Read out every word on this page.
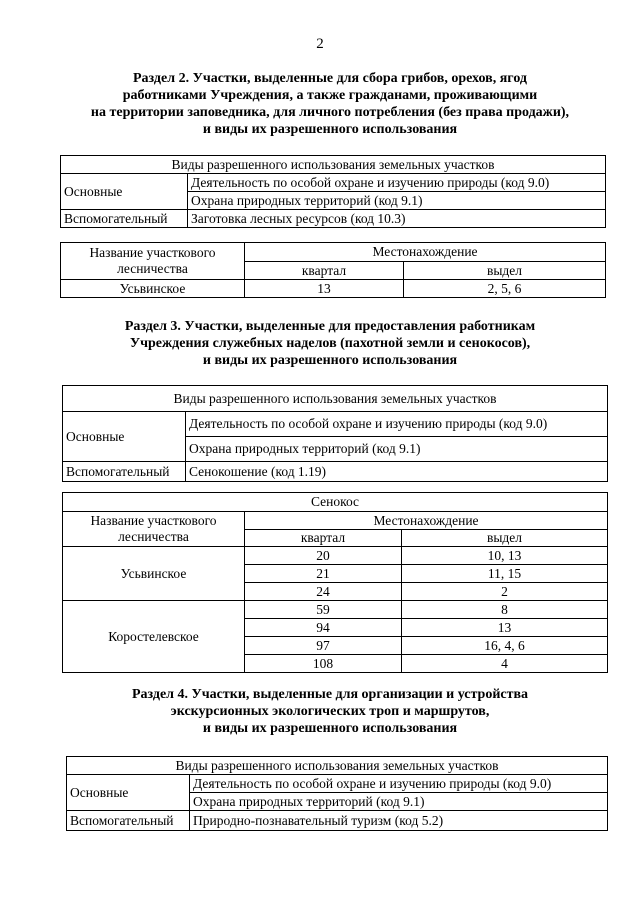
2
Раздел 2. Участки, выделенные для сбора грибов, орехов, ягод
работниками Учреждения, а также гражданами, проживающими
на территории заповедника, для личного потребления (без права продажи),
и виды их разрешенного использования
Виды разрешенного использования земельных участков	
Основные	Деятельность по особой охране и изучению природы (код 9.0)
	Охрана природных территорий (код 9.1)
Вспомогательный	Заготовка лесных ресурсов (код 10.3)
Название участкового лесничества	Местонахождение	
	квартал	выдел
Усьвинское	13	2, 5, 6
Раздел 3. Участки, выделенные для предоставления работникам
Учреждения служебных наделов (пахотной земли и сенокосов),
и виды их разрешенного использования
Виды разрешенного использования земельных участков	
Основные	Деятельность по особой охране и изучению природы (код 9.0)
	Охрана природных территорий (код 9.1)
Вспомогательный	Сенокошение (код 1.19)
Сенокос		
Название участкового лесничества	Местонахождение	
	квартал	выдел
Усьвинское	20	10, 13
	21	11, 15
	24	2
Коростелевское	59	8
	94	13
	97	16, 4, 6
	108	4
Раздел 4. Участки, выделенные для организации и устройства
экскурсионных экологических троп и маршрутов,
и виды их разрешенного использования
Виды разрешенного использования земельных участков	
Основные	Деятельность по особой охране и изучению природы (код 9.0)
	Охрана природных территорий (код 9.1)
Вспомогательный	Природно-познавательный туризм (код 5.2)
